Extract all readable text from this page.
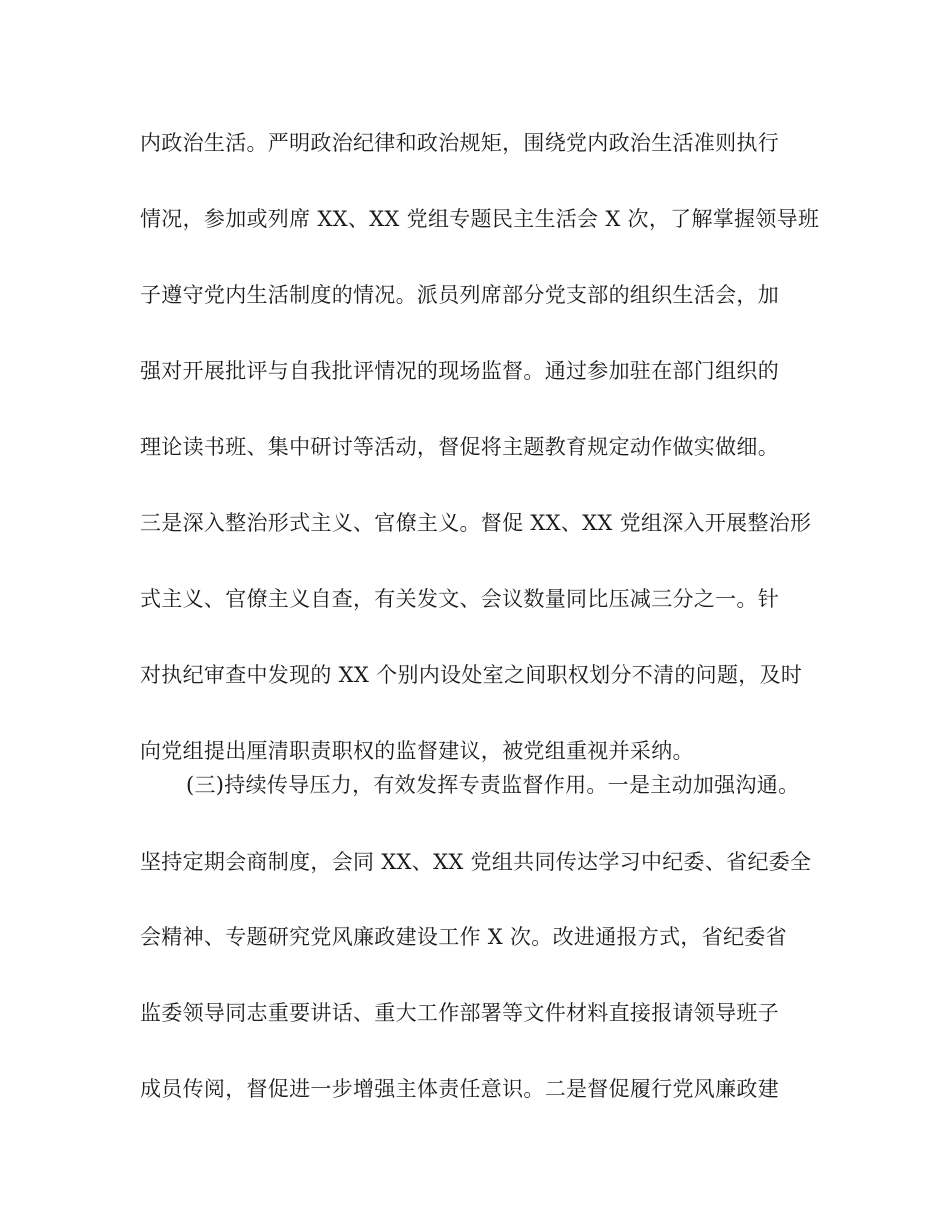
内政治生活。严明政治纪律和政治规矩，围绕党内政治生活准则执行
情况，参加或列席 XX、XX 党组专题民主生活会 X 次，了解掌握领导班
子遵守党内生活制度的情况。派员列席部分党支部的组织生活会，加
强对开展批评与自我批评情况的现场监督。通过参加驻在部门组织的
理论读书班、集中研讨等活动，督促将主题教育规定动作做实做细。
三是深入整治形式主义、官僚主义。督促 XX、XX 党组深入开展整治形
式主义、官僚主义自查，有关发文、会议数量同比压减三分之一。针
对执纪审查中发现的 XX 个别内设处室之间职权划分不清的问题，及时
向党组提出厘清职责职权的监督建议，被党组重视并采纳。
(三)持续传导压力，有效发挥专责监督作用。一是主动加强沟通。
坚持定期会商制度，会同 XX、XX 党组共同传达学习中纪委、省纪委全
会精神、专题研究党风廉政建设工作 X 次。改进通报方式，省纪委省
监委领导同志重要讲话、重大工作部署等文件材料直接报请领导班子
成员传阅，督促进一步增强主体责任意识。二是督促履行党风廉政建
